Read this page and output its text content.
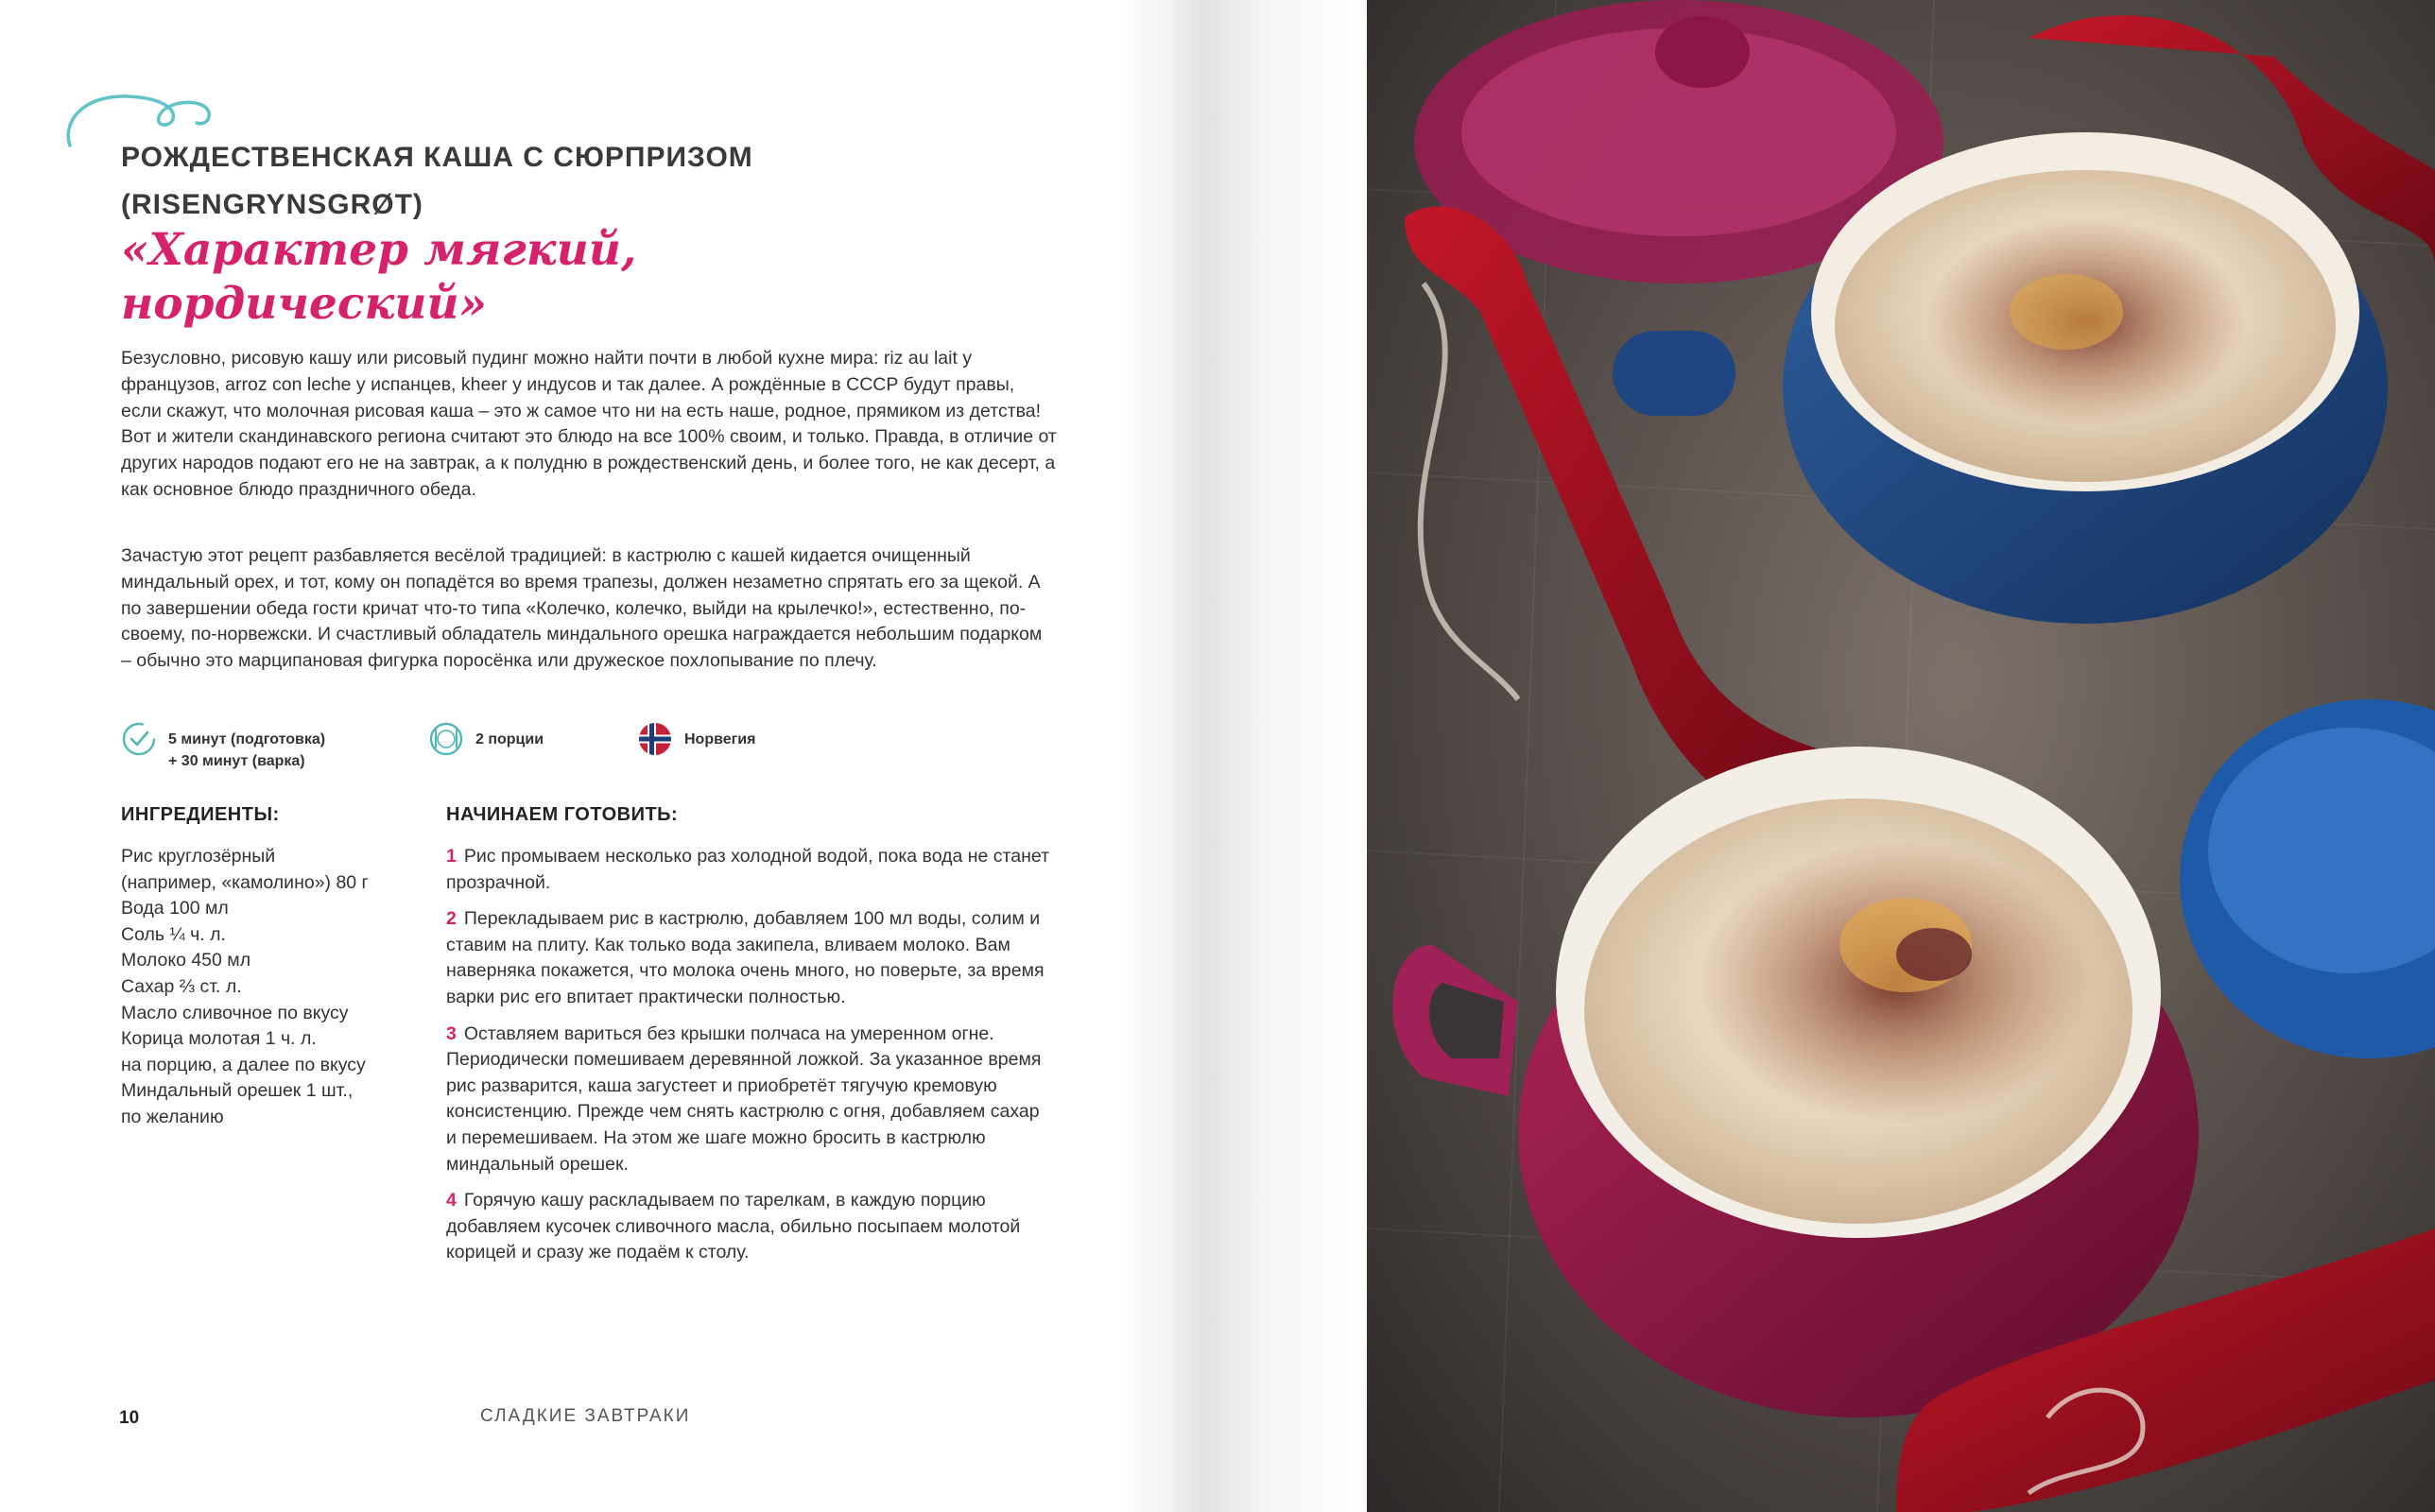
РОЖДЕСТВЕНСКАЯ КАША С СЮРПРИЗОМ
(RISENGRYNSGRØT)
«Характер мягкий,
нордический»

Безусловно, рисовую кашу или рисовый пудинг можно найти почти в любой кухне мира: riz au lait у французов, arroz con leche у испанцев, kheer у индусов и так далее. А рождённые в СССР будут правы, если скажут, что молочная рисовая каша – это ж самое что ни на есть наше, родное, прямиком из детства! Вот и жители скандинавского региона считают это блюдо на все 100% своим, и только. Правда, в отличие от других народов подают его не на завтрак, а к полудню в рождественский день, и более того, не как десерт, а как основное блюдо праздничного обеда.

Зачастую этот рецепт разбавляется весёлой традицией: в кастрюлю с кашей кидается очищенный миндальный орех, и тот, кому он попадётся во время трапезы, должен незаметно спрятать его за щекой. А по завершении обеда гости кричат что-то типа «Колечко, колечко, выйди на крылечко!», естественно, по-своему, по-норвежски. И счастливый обладатель миндального орешка награждается небольшим подарком – обычно это марципановая фигурка поросёнка или дружеское похлопывание по плечу.

5 минут (подготовка)
+ 30 минут (варка)
2 порции	Норвегия
ИНГРЕДИЕНТЫ:	НАЧИНАЕМ ГОТОВИТЬ:
Рис круглозёрный
(например, «камолино») 80 г
Вода 100 мл
Соль ¼ ч. л.
Молоко 450 мл
Сахар ⅔ ст. л.
Масло сливочное по вкусу
Корица молотая 1 ч. л.
на порцию, а далее по вкусу
Миндальный орешек 1 шт.,
по желанию

1 Рис промываем несколько раз холодной водой, пока вода не станет прозрачной.

2 Перекладываем рис в кастрюлю, добавляем 100 мл воды, солим и ставим на плиту. Как только вода закипела, вливаем молоко. Вам наверняка покажется, что молока очень много, но поверьте, за время варки рис его впитает практически полностью.

3 Оставляем вариться без крышки полчаса на умеренном огне. Периодически помешиваем деревянной ложкой. За указанное время рис разварится, каша загустеет и приобретёт тягучую кремовую консистенцию. Прежде чем снять кастрюлю с огня, добавляем сахар и перемешиваем. На этом же шаге можно бросить в кастрюлю миндальный орешек.

4 Горячую кашу раскладываем по тарелкам, в каждую порцию добавляем кусочек сливочного масла, обильно посыпаем молотой корицей и сразу же подаём к столу.

10	СЛАДКИЕ ЗАВТРАКИ
